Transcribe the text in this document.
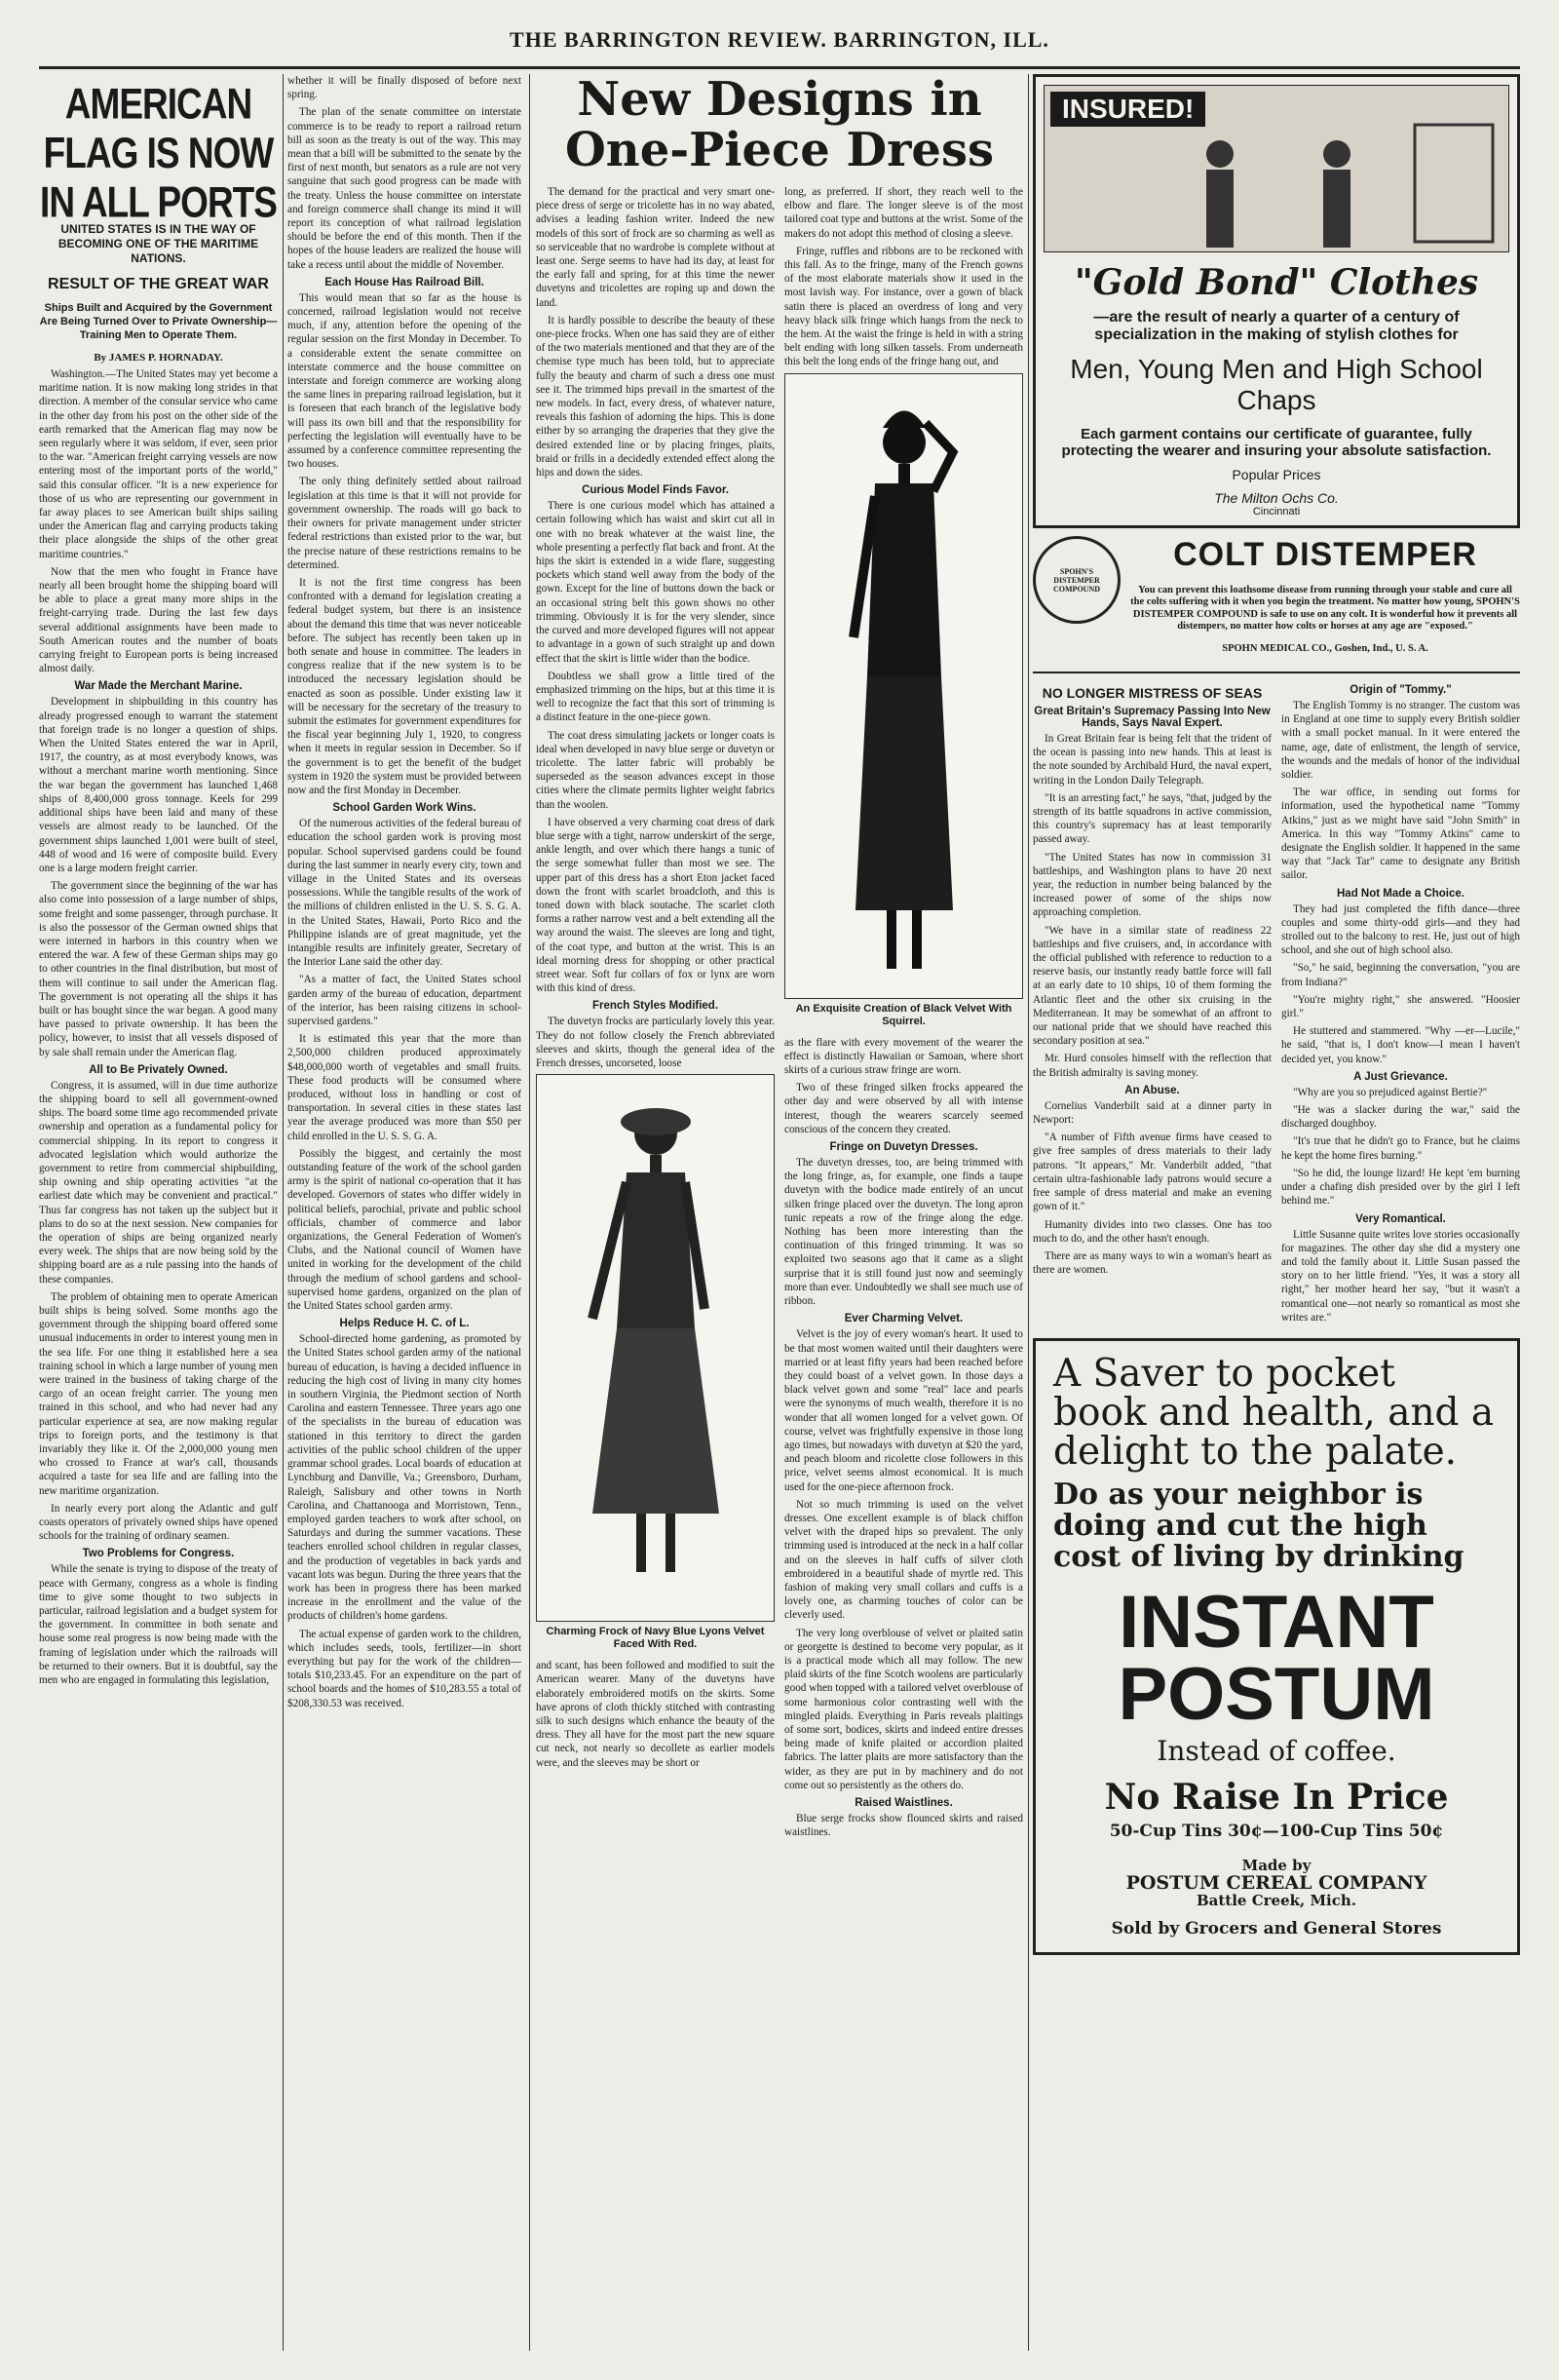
THE BARRINGTON REVIEW. BARRINGTON, ILL.
AMERICAN FLAG IS NOW IN ALL PORTS

UNITED STATES IS IN THE WAY OF BECOMING ONE OF THE MARITIME NATIONS.

RESULT OF THE GREAT WAR

Ships Built and Acquired by the Government Are Being Turned Over to Private Ownership—Training Men to Operate Them.

By JAMES P. HORNADAY.

Washington.—The United States may yet become a maritime nation. It is now making long strides in that direction. A member of the consular service who came in the other day from his post on the other side of the earth remarked that the American flag may now be seen regularly where it was seldom, if ever, seen prior to the war. "American freight carrying vessels are now entering most of the important ports of the world," said this consular officer. "It is a new experience for those of us who are representing our government in far away places to see American built ships sailing under the American flag and carrying products taking their place alongside the ships of the other great maritime countries."

Now that the men who fought in France have nearly all been brought home the shipping board will be able to place a great many more ships in the freight-carrying trade. During the last few days several additional assignments have been made to South American routes and the number of boats carrying freight to European ports is being increased almost daily.

War Made the Merchant Marine.

Development in shipbuilding in this country has already progressed enough to warrant the statement that foreign trade is no longer a question of ships. When the United States entered the war in April, 1917, the country, as at most everybody knows, was without a merchant marine worth mentioning. Since the war began the government has launched 1,468 ships of 8,400,000 gross tonnage. Keels for 299 additional ships have been laid and many of these vessels are almost ready to be launched. Of the government ships launched 1,001 were built of steel, 448 of wood and 16 were of composite build. Every one is a large modern freight carrier.

The government since the beginning of the war has also come into possession of a large number of ships, some freight and some passenger, through purchase. It is also the possessor of the German owned ships that were interned in harbors in this country when we entered the war. A few of these German ships may go to other countries in the final distribution, but most of them will continue to sail under the American flag. The government is not operating all the ships it has built or has bought since the war began. A good many have passed to private ownership. It has been the policy, however, to insist that all vessels disposed of by sale shall remain under the American flag.

All to Be Privately Owned.

Congress, it is assumed, will in due time authorize the shipping board to sell all government-owned ships. The board some time ago recommended private ownership and operation as a fundamental policy for commercial shipping. In its report to congress it advocated legislation which would authorize the government to retire from commercial shipbuilding, ship owning and ship operating activities "at the earliest date which may be convenient and practical." Thus far congress has not taken up the subject but it plans to do so at the next session. New companies for the operation of ships are being organized nearly every week. The ships that are now being sold by the shipping board are as a rule passing into the hands of these companies.

The problem of obtaining men to operate American built ships is being solved. Some months ago the government through the shipping board offered some unusual inducements in order to interest young men in the sea life. For one thing it established here a sea training school in which a large number of young men were trained in the business of taking charge of the cargo of an ocean freight carrier. The young men trained in this school, and who had never had any particular experience at sea, are now making regular trips to foreign ports, and the testimony is that invariably they like it. Of the 2,000,000 young men who crossed to France at war's call, thousands acquired a taste for sea life and are falling into the new maritime organization.

In nearly every port along the Atlantic and gulf coasts operators of privately owned ships have opened schools for the training of ordinary seamen.

Two Problems for Congress.

While the senate is trying to dispose of the treaty of peace with Germany, congress as a whole is finding time to give some thought to two subjects in particular, railroad legislation and a budget system for the government. In committee in both senate and house some real progress is now being made with the framing of legislation under which the railroads will be returned to their owners. But it is doubtful, say the men who are engaged in formulating this legislation,

whether it will be finally disposed of before next spring.

The plan of the senate committee on interstate commerce is to be ready to report a railroad return bill as soon as the treaty is out of the way. This may mean that a bill will be submitted to the senate by the first of next month, but senators as a rule are not very sanguine that such good progress can be made with the treaty. Unless the house committee on interstate and foreign commerce shall change its mind it will report its conception of what railroad legislation should be before the end of this month. Then if the hopes of the house leaders are realized the house will take a recess until about the middle of November.

Each House Has Railroad Bill.

This would mean that so far as the house is concerned, railroad legislation would not receive much, if any, attention before the opening of the regular session on the first Monday in December. To a considerable extent the senate committee on interstate commerce and the house committee on interstate and foreign commerce are working along the same lines in preparing railroad legislation, but it is foreseen that each branch of the legislative body will pass its own bill and that the responsibility for perfecting the legislation will eventually have to be assumed by a conference committee representing the two houses.

The only thing definitely settled about railroad legislation at this time is that it will not provide for government ownership. The roads will go back to their owners for private management under stricter federal restrictions than existed prior to the war, but the precise nature of these restrictions remains to be determined.

It is not the first time congress has been confronted with a demand for legislation creating a federal budget system, but there is an insistence about the demand this time that was never noticeable before. The subject has recently been taken up in both senate and house in committee. The leaders in congress realize that if the new system is to be introduced the necessary legislation should be enacted as soon as possible. Under existing law it will be necessary for the secretary of the treasury to submit the estimates for government expenditures for the fiscal year beginning July 1, 1920, to congress when it meets in regular session in December. So if the government is to get the benefit of the budget system in 1920 the system must be provided between now and the first Monday in December.

School Garden Work Wins.

Of the numerous activities of the federal bureau of education the school garden work is proving most popular. School supervised gardens could be found during the last summer in nearly every city, town and village in the United States and its overseas possessions. While the tangible results of the work of the millions of children enlisted in the U. S. S. G. A. in the United States, Hawaii, Porto Rico and the Philippine islands are of great magnitude, yet the intangible results are infinitely greater, Secretary of the Interior Lane said the other day.

"As a matter of fact, the United States school garden army of the bureau of education, department of the interior, has been raising citizens in school-supervised gardens."

It is estimated this year that the more than 2,500,000 children produced approximately $48,000,000 worth of vegetables and small fruits. These food products will be consumed where produced, without loss in handling or cost of transportation. In several cities in these states last year the average produced was more than $50 per child enrolled in the U. S. S. G. A.

Possibly the biggest, and certainly the most outstanding feature of the work of the school garden army is the spirit of national co-operation that it has developed. Governors of states who differ widely in political beliefs, parochial, private and public school officials, chamber of commerce and labor organizations, the General Federation of Women's Clubs, and the National council of Women have united in working for the development of the child through the medium of school gardens and school-supervised home gardens, organized on the plan of the United States school garden army.

Helps Reduce H. C. of L.

School-directed home gardening, as promoted by the United States school garden army of the national bureau of education, is having a decided influence in reducing the high cost of living in many city homes in southern Virginia, the Piedmont section of North Carolina and eastern Tennessee. Three years ago one of the specialists in the bureau of education was stationed in this territory to direct the garden activities of the public school children of the upper grammar school grades. Local boards of education at Lynchburg and Danville, Va.; Greensboro, Durham, Raleigh, Salisbury and other towns in North Carolina, and Chattanooga and Morristown, Tenn., employed garden teachers to work after school, on Saturdays and during the summer vacations. These teachers enrolled school children in regular classes, and the production of vegetables in back yards and vacant lots was begun. During the three years that the work has been in progress there has been marked increase in the enrollment and the value of the products of children's home gardens.

The actual expense of garden work to the children, which includes seeds, tools, fertilizer—in short everything but pay for the work of the children—totals $10,233.45. For an expenditure on the part of school boards and the homes of $10,283.55 a total of $208,330.53 was received.

New Designs in One-Piece Dress

The demand for the practical and very smart one-piece dress of serge or tricolette has in no way abated, advises a leading fashion writer. Indeed the new models of this sort of frock are so charming as well as so serviceable that no wardrobe is complete without at least one. Serge seems to have had its day, at least for the early fall and spring, for at this time the newer duvetyns and tricolettes are roping up and down the land.

It is hardly possible to describe the beauty of these one-piece frocks. When one has said they are of either of the two materials mentioned and that they are of the chemise type much has been told, but to appreciate fully the beauty and charm of such a dress one must see it. The trimmed hips prevail in the smartest of the new models. In fact, every dress, of whatever nature, reveals this fashion of adorning the hips. This is done either by so arranging the draperies that they give the desired extended line or by placing fringes, plaits, braid or frills in a decidedly extended effect along the hips and down the sides.

Curious Model Finds Favor.

There is one curious model which has attained a certain following which has waist and skirt cut all in one with no break whatever at the waist line, the whole presenting a perfectly flat back and front. At the hips the skirt is extended in a wide flare, suggesting pockets which stand well away from the body of the gown. Except for the line of buttons down the back or an occasional string belt this gown shows no other trimming. Obviously it is for the very slender, since the curved and more developed figures will not appear to advantage in a gown of such straight up and down effect that the skirt is little wider than the bodice.

Doubtless we shall grow a little tired of the emphasized trimming on the hips, but at this time it is well to recognize the fact that this sort of trimming is a distinct feature in the one-piece gown.

The coat dress simulating jackets or longer coats is ideal when developed in navy blue serge or duvetyn or tricolette. The latter fabric will probably be superseded as the season advances except in those cities where the climate permits lighter weight fabrics than the woolen.

I have observed a very charming coat dress of dark blue serge with a tight, narrow underskirt of the serge, ankle length, and over which there hangs a tunic of the serge somewhat fuller than most we see. The upper part of this dress has a short Eton jacket faced down the front with scarlet broadcloth, and this is toned down with black soutache. The scarlet cloth forms a rather narrow vest and a belt extending all the way around the waist. The sleeves are long and tight, of the coat type, and button at the wrist. This is an ideal morning dress for shopping or other practical street wear. Soft fur collars of fox or lynx are worn with this kind of dress.

French Styles Modified.

The duvetyn frocks are particularly lovely this year. They do not follow closely the French abbreviated sleeves and skirts, though the general idea of the French dresses, uncorseted, loose

Charming Frock of Navy Blue Lyons Velvet Faced With Red.

and scant, has been followed and modified to suit the American wearer. Many of the duvetyns have elaborately embroidered motifs on the skirts. Some have aprons of cloth thickly stitched with contrasting silk to such designs which enhance the beauty of the dress. They all have for the most part the new square cut neck, not nearly so decollete as earlier models were, and the sleeves may be short or

long, as preferred. If short, they reach well to the elbow and flare. The longer sleeve is of the most tailored coat type and buttons at the wrist. Some of the makers do not adopt this method of closing a sleeve.

Fringe, ruffles and ribbons are to be reckoned with this fall. As to the fringe, many of the French gowns of the most elaborate materials show it used in the most lavish way. For instance, over a gown of black satin there is placed an overdress of long and very heavy black silk fringe which hangs from the neck to the hem. At the waist the fringe is held in with a string belt ending with long silken tassels. From underneath this belt the long ends of the fringe hang out, and

An Exquisite Creation of Black Velvet With Squirrel.

as the flare with every movement of the wearer the effect is distinctly Hawaiian or Samoan, where short skirts of a curious straw fringe are worn.

Two of these fringed silken frocks appeared the other day and were observed by all with intense interest, though the wearers scarcely seemed conscious of the concern they created.

Fringe on Duvetyn Dresses.

The duvetyn dresses, too, are being trimmed with the long fringe, as, for example, one finds a taupe duvetyn with the bodice made entirely of an uncut silken fringe placed over the duvetyn. The long apron tunic repeats a row of the fringe along the edge. Nothing has been more interesting than the continuation of this fringed trimming. It was so exploited two seasons ago that it came as a slight surprise that it is still found just now and seemingly more than ever. Undoubtedly we shall see much use of ribbon.

Ever Charming Velvet.

Velvet is the joy of every woman's heart. It used to be that most women waited until their daughters were married or at least fifty years had been reached before they could boast of a velvet gown. In those days a black velvet gown and some "real" lace and pearls were the synonyms of much wealth, therefore it is no wonder that all women longed for a velvet gown. Of course, velvet was frightfully expensive in those long ago times, but nowadays with duvetyn at $20 the yard, and peach bloom and ricolette close followers in this price, velvet seems almost economical. It is much used for the one-piece afternoon frock.

Not so much trimming is used on the velvet dresses. One excellent example is of black chiffon velvet with the draped hips so prevalent. The only trimming used is introduced at the neck in a half collar and on the sleeves in half cuffs of silver cloth embroidered in a beautiful shade of myrtle red. This fashion of making very small collars and cuffs is a lovely one, as charming touches of color can be cleverly used.

The very long overblouse of velvet or plaited satin or georgette is destined to become very popular, as it is a practical mode which all may follow. The new plaid skirts of the fine Scotch woolens are particularly good when topped with a tailored velvet overblouse of some harmonious color contrasting well with the mingled plaids. Everything in Paris reveals plaitings of some sort, bodices, skirts and indeed entire dresses being made of knife plaited or accordion plaited fabrics. The latter plaits are more satisfactory than the wider, as they are put in by machinery and do not come out so persistently as the others do.

Raised Waistlines.

Blue serge frocks show flounced skirts and raised waistlines.

INSURED!
"Gold Bond" Clothes

—are the result of nearly a quarter of a century of specialization in the making of stylish clothes for

Men, Young Men and High School Chaps

Each garment contains our certificate of guarantee, fully protecting the wearer and insuring your absolute satisfaction.

Popular Prices

The Milton Ochs Co.

Cincinnati

SPOHN'S DISTEMPER COMPOUND
COLT DISTEMPER

You can prevent this loathsome disease from running through your stable and cure all the colts suffering with it when you begin the treatment. No matter how young, SPOHN'S DISTEMPER COMPOUND is safe to use on any colt. It is wonderful how it prevents all distempers, no matter how colts or horses at any age are "exposed."

SPOHN MEDICAL CO., Goshen, Ind., U. S. A.

NO LONGER MISTRESS OF SEAS

Great Britain's Supremacy Passing Into New Hands, Says Naval Expert.

In Great Britain fear is being felt that the trident of the ocean is passing into new hands. This at least is the note sounded by Archibald Hurd, the naval expert, writing in the London Daily Telegraph.

"It is an arresting fact," he says, "that, judged by the strength of its battle squadrons in active commission, this country's supremacy has at least temporarily passed away.

"The United States has now in commission 31 battleships, and Washington plans to have 20 next year, the reduction in number being balanced by the increased power of some of the ships now approaching completion.

"We have in a similar state of readiness 22 battleships and five cruisers, and, in accordance with the official published with reference to reduction to a reserve basis, our instantly ready battle force will fall at an early date to 10 ships, 10 of them forming the Atlantic fleet and the other six cruising in the Mediterranean. It may be somewhat of an affront to our national pride that we should have reached this secondary position at sea."

Mr. Hurd consoles himself with the reflection that the British admiralty is saving money.

An Abuse.

Cornelius Vanderbilt said at a dinner party in Newport:

"A number of Fifth avenue firms have ceased to give free samples of dress materials to their lady patrons. "It appears," Mr. Vanderbilt added, "that certain ultra-fashionable lady patrons would secure a free sample of dress material and make an evening gown of it."

Humanity divides into two classes. One has too much to do, and the other hasn't enough.

There are as many ways to win a woman's heart as there are women.

Origin of "Tommy."

The English Tommy is no stranger. The custom was in England at one time to supply every British soldier with a small pocket manual. In it were entered the name, age, date of enlistment, the length of service, the wounds and the medals of honor of the individual soldier.

The war office, in sending out forms for information, used the hypothetical name "Tommy Atkins," just as we might have said "John Smith" in America. In this way "Tommy Atkins" came to designate the English soldier. It happened in the same way that "Jack Tar" came to designate any British sailor.

Had Not Made a Choice.

They had just completed the fifth dance—three couples and some thirty-odd girls—and they had strolled out to the balcony to rest. He, just out of high school, and she out of high school also.

"So," he said, beginning the conversation, "you are from Indiana?"

"You're mighty right," she answered. "Hoosier girl."

He stuttered and stammered. "Why —er—Lucile," he said, "that is, I don't know—I mean I haven't decided yet, you know."

A Just Grievance.

"Why are you so prejudiced against Bertie?"

"He was a slacker during the war," said the discharged doughboy.

"It's true that he didn't go to France, but he claims he kept the home fires burning."

"So he did, the lounge lizard! He kept 'em burning under a chafing dish presided over by the girl I left behind me."

Very Romantical.

Little Susanne quite writes love stories occasionally for magazines. The other day she did a mystery one and told the family about it. Little Susan passed the story on to her little friend. "Yes, it was a story all right," her mother heard her say, "but it wasn't a romantical one—not nearly so romantical as most she writes are."

A Saver to pocket book and health, and a delight to the palate.
Do as your neighbor is doing and cut the high cost of living by drinking
INSTANT POSTUM
Instead of coffee.
No Raise In Price
50-Cup Tins 30¢—100-Cup Tins 50¢
Made by
POSTUM CEREAL COMPANY
Battle Creek, Mich.
Sold by Grocers and General Stores
